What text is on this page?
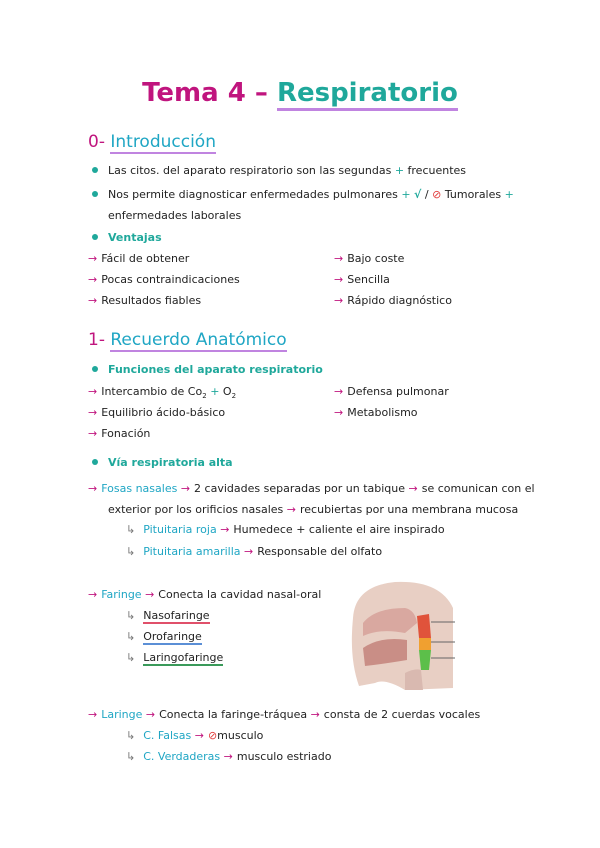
Tema 4 – Respiratorio
0- Introducción
Las citos. del aparato respiratorio son las segundas + frecuentes
Nos permite diagnosticar enfermedades pulmonares + √ / ⊘ Tumorales +
enfermedades laborales
Ventajas
→ Fácil de obtener
→ Pocas contraindicaciones
→ Resultados fiables
→ Bajo coste
→ Sencilla
→ Rápido diagnóstico
1- Recuerdo Anatómico
Funciones del aparato respiratorio
→ Intercambio de $Co_2 + O_2$
→ Equilibrio ácido-básico
→ Fonación
→ Defensa pulmonar
→ Metabolismo
Vía respiratoria alta
→ Fosas nasales → 2 cavidades separadas por un tabique → se comunican con el
exterior por los orificios nasales → recubiertas por una membrana mucosa
↳ Pituitaria roja → Humedece + caliente el aire inspirado
↳ Pituitaria amarilla → Responsable del olfato
→ Faringe → Conecta la cavidad nasal-oral
↳ Nasofaringe
↳ Orofaringe
↳ Laringofaringe
→ Laringe → Conecta la faringe-tráquea → consta de 2 cuerdas vocales
↳ C. Falsas → ⊘musculo
↳ C. Verdaderas → musculo estriado
